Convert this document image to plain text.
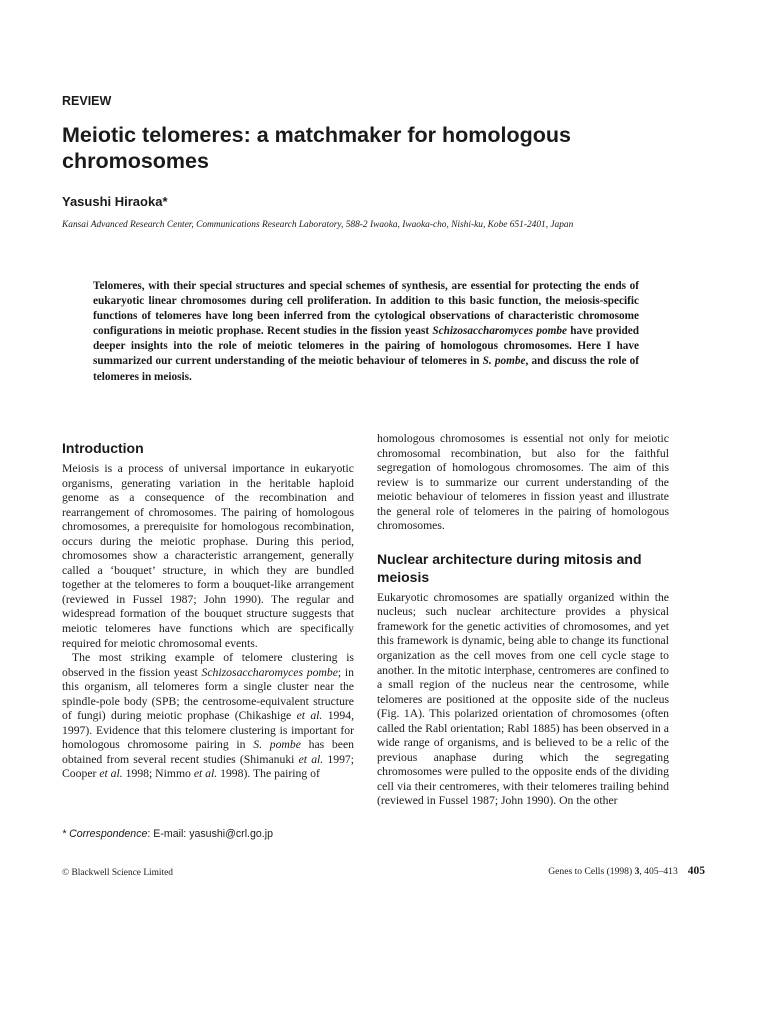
REVIEW
Meiotic telomeres: a matchmaker for homologous chromosomes
Yasushi Hiraoka*
Kansai Advanced Research Center, Communications Research Laboratory, 588-2 Iwaoka, Iwaoka-cho, Nishi-ku, Kobe 651-2401, Japan

Telomeres, with their special structures and special schemes of synthesis, are essential for protecting the ends of eukaryotic linear chromosomes during cell proliferation. In addition to this basic function, the meiosis-specific functions of telomeres have long been inferred from the cytological observations of characteristic chromosome configurations in meiotic prophase. Recent studies in the fission yeast Schizosaccharomyces pombe have provided deeper insights into the role of meiotic telomeres in the pairing of homologous chromosomes. Here I have summarized our current understanding of the meiotic behaviour of telomeres in S. pombe, and discuss the role of telomeres in meiosis.

Introduction

Meiosis is a process of universal importance in eukaryotic organisms, generating variation in the heritable haploid genome as a consequence of the recombination and rearrangement of chromosomes. The pairing of homologous chromosomes, a prerequisite for homologous recombination, occurs during the meiotic prophase. During this period, chromosomes show a characteristic arrangement, generally called a ‘bouquet’ structure, in which they are bundled together at the telomeres to form a bouquet-like arrangement (reviewed in Fussel 1987; John 1990). The regular and widespread formation of the bouquet structure suggests that meiotic telomeres have functions which are specifically required for meiotic chromosomal events.

The most striking example of telomere clustering is observed in the fission yeast Schizosaccharomyces pombe; in this organism, all telomeres form a single cluster near the spindle-pole body (SPB; the centrosome-equivalent structure of fungi) during meiotic prophase (Chikashige et al. 1994, 1997). Evidence that this telomere clustering is important for homologous chromosome pairing in S. pombe has been obtained from several recent studies (Shimanuki et al. 1997; Cooper et al. 1998; Nimmo et al. 1998). The pairing of

homologous chromosomes is essential not only for meiotic chromosomal recombination, but also for the faithful segregation of homologous chromosomes. The aim of this review is to summarize our current understanding of the meiotic behaviour of telomeres in fission yeast and illustrate the general role of telomeres in the pairing of homologous chromosomes.

Nuclear architecture during mitosis and meiosis

Eukaryotic chromosomes are spatially organized within the nucleus; such nuclear architecture provides a physical framework for the genetic activities of chromosomes, and yet this framework is dynamic, being able to change its functional organization as the cell moves from one cell cycle stage to another. In the mitotic interphase, centromeres are confined to a small region of the nucleus near the centrosome, while telomeres are positioned at the opposite side of the nucleus (Fig. 1A). This polarized orientation of chromosomes (often called the Rabl orientation; Rabl 1885) has been observed in a wide range of organisms, and is believed to be a relic of the previous anaphase during which the segregating chromosomes were pulled to the opposite ends of the dividing cell via their centromeres, with their telomeres trailing behind (reviewed in Fussel 1987; John 1990). On the other

* Correspondence: E-mail: yasushi@crl.go.jp
© Blackwell Science Limited	Genes to Cells (1998) 3, 405–413 405
